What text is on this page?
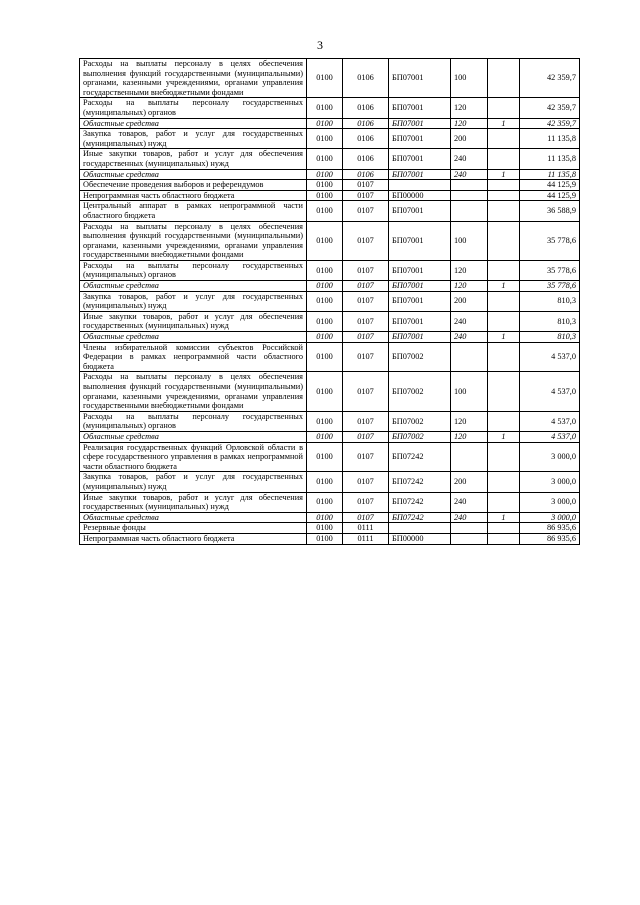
3
Расходы на выплаты персоналу в целях обеспечения выполнения функций государственными (муниципальными) органами, казенными учреждениями, органами управления государственными внебюджетными фондами	0100	0106	БП07001	100		42 359,7
Расходы на выплаты персоналу государственных (муниципальных) органов	0100	0106	БП07001	120		42 359,7
Областные средства	0100	0106	БП07001	120	1	42 359,7
Закупка товаров, работ и услуг для государственных (муниципальных) нужд	0100	0106	БП07001	200		11 135,8
Иные закупки товаров, работ и услуг для обеспечения государственных (муниципальных) нужд	0100	0106	БП07001	240		11 135,8
Областные средства	0100	0106	БП07001	240	1	11 135,8
Обеспечение проведения выборов и референдумов	0100	0107				44 125,9
Непрограммная часть областного бюджета	0100	0107	БП00000			44 125,9
Центральный аппарат в рамках непрограммной части областного бюджета	0100	0107	БП07001			36 588,9
Расходы на выплаты персоналу в целях обеспечения выполнения функций государственными (муниципальными) органами, казенными учреждениями, органами управления государственными внебюджетными фондами	0100	0107	БП07001	100		35 778,6
Расходы на выплаты персоналу государственных (муниципальных) органов	0100	0107	БП07001	120		35 778,6
Областные средства	0100	0107	БП07001	120	1	35 778,6
Закупка товаров, работ и услуг для государственных (муниципальных) нужд	0100	0107	БП07001	200		810,3
Иные закупки товаров, работ и услуг для обеспечения государственных (муниципальных) нужд	0100	0107	БП07001	240		810,3
Областные средства	0100	0107	БП07001	240	1	810,3
Члены избирательной комиссии субъектов Российской Федерации в рамках непрограммной части областного бюджета	0100	0107	БП07002			4 537,0
Расходы на выплаты персоналу в целях обеспечения выполнения функций государственными (муниципальными) органами, казенными учреждениями, органами управления государственными внебюджетными фондами	0100	0107	БП07002	100		4 537,0
Расходы на выплаты персоналу государственных (муниципальных) органов	0100	0107	БП07002	120		4 537,0
Областные средства	0100	0107	БП07002	120	1	4 537,0
Реализация государственных функций Орловской области в сфере государственного управления в рамках непрограммной части областного бюджета	0100	0107	БП07242			3 000,0
Закупка товаров, работ и услуг для государственных (муниципальных) нужд	0100	0107	БП07242	200		3 000,0
Иные закупки товаров, работ и услуг для обеспечения государственных (муниципальных) нужд	0100	0107	БП07242	240		3 000,0
Областные средства	0100	0107	БП07242	240	1	3 000,0
Резервные фонды	0100	0111				86 935,6
Непрограммная часть областного бюджета	0100	0111	БП00000			86 935,6
